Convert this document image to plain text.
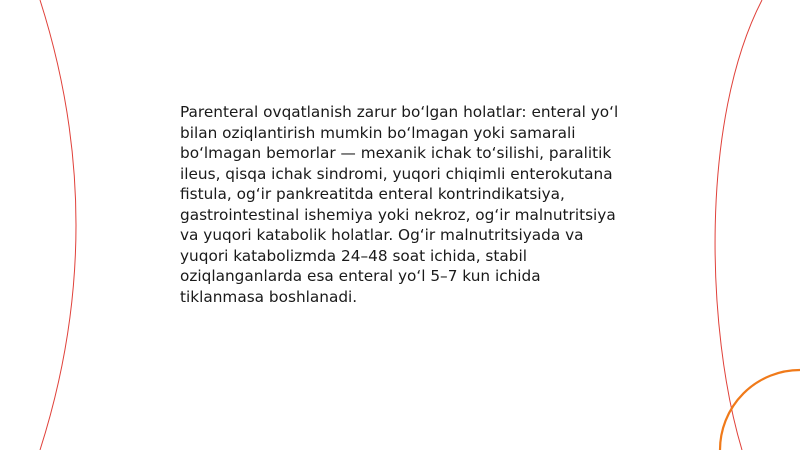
Parenteral ovqatlanish zarur bo‘lgan holatlar: enteral yo‘l bilan oziqlantirish mumkin bo‘lmagan yoki samarali bo‘lmagan bemorlar — mexanik ichak to‘silishi, paralitik ileus, qisqa ichak sindromi, yuqori chiqimli enterokutana fistula, og‘ir pankreatitda enteral kontrindikatsiya, gastrointestinal ishemiya yoki nekroz, og‘ir malnutritsiya va yuqori katabolik holatlar. Og‘ir malnutritsiyada va yuqori katabolizmda 24–48 soat ichida, stabil oziqlanganlarda esa enteral yo‘l 5–7 kun ichida tiklanmasa boshlanadi.
